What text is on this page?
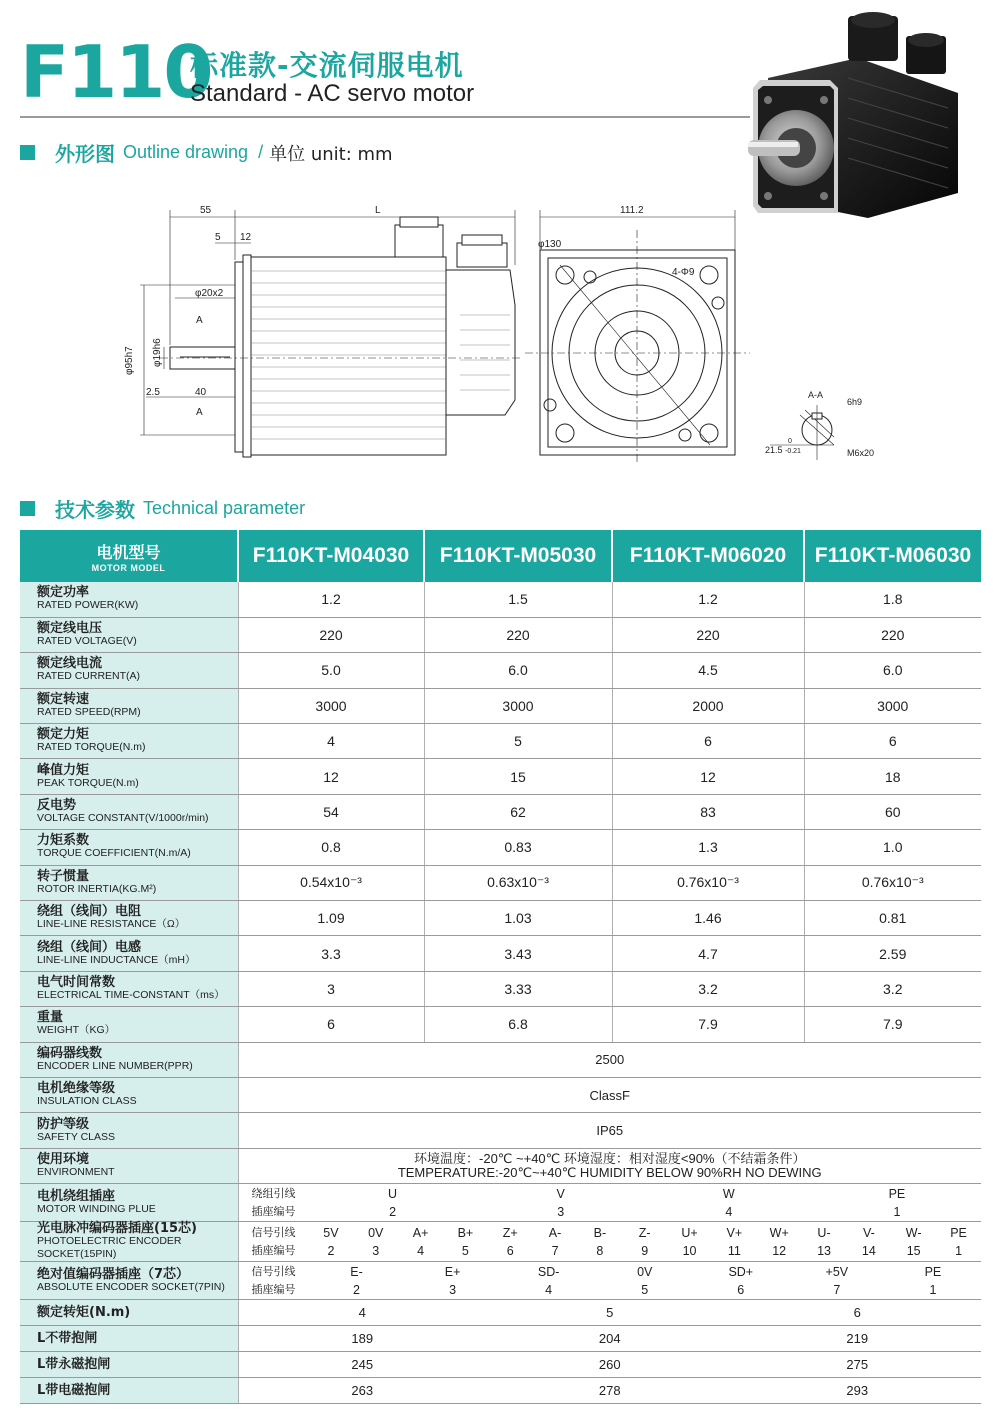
F110
标准款-交流伺服电机
Standard - AC servo motor
外形图 Outline drawing / 单位 unit: mm
55	L
5 12
φ20x2
A
A
φ95h7 φ19h6
2.5	40
111.2
φ130
4-Φ9
A-A
6h9
21.5
0
-0.21	M6x20
技术参数 Technical parameter
电机型号
MOTOR MODEL
	F110KT-M04030	F110KT-M05030	F110KT-M06020	F110KT-M06030

额定功率
RATED POWER(KW)	1.2	1.5	1.2	1.8

额定线电压
RATED VOLTAGE(V)	220	220	220	220

额定线电流
RATED CURRENT(A)	5.0	6.0	4.5	6.0

额定转速
RATED SPEED(RPM)	3000	3000	2000	3000

额定力矩
RATED TORQUE(N.m)	4	5	6	6

峰值力矩
PEAK TORQUE(N.m)	12	15	12	18

反电势
VOLTAGE CONSTANT(V/1000r/min)	54	62	83	60

力矩系数
TORQUE COEFFICIENT(N.m/A)	0.8	0.83	1.3	1.0

转子惯量
ROTOR INERTIA(KG.M²)	0.54x10⁻³	0.63x10⁻³	0.76x10⁻³	0.76x10⁻³

绕组（线间）电阻
LINE-LINE RESISTANCE（Ω）	1.09	1.03	1.46	0.81

绕组（线间）电感
LINE-LINE INDUCTANCE（mH）	3.3	3.43	4.7	2.59

电气时间常数
ELECTRICAL TIME-CONSTANT（ms）	3	3.33	3.2	3.2

重量
WEIGHT（KG）	6	6.8	7.9	7.9

编码器线数
ENCODER LINE NUMBER(PPR)	2500

电机绝缘等级
INSULATION CLASS	ClassF

防护等级
SAFETY CLASS	IP65

使用环境
ENVIRONMENT

环境温度：-20℃ ~+40℃ 环境湿度：相对湿度<90%（不结霜条件）
TEMPERATURE:-20℃~+40℃ HUMIDITY BELOW 90%RH NO DEWING

电机绕组插座
MOTOR WINDING PLUE

绕组引线	U	V	W	PE
插座编号	2	3	4	1

光电脉冲编码器插座(15芯)
PHOTOELECTRIC ENCODER SOCKET(15PIN)

信号引线	5V	0V	A+	B+	Z+	A-	B-	Z-	U+	V+	W+	U-	V-	W-	PE
插座编号	2	3	4	5	6	7	8	9	10	11	12	13	14	15	1

绝对值编码器插座（7芯）
ABSOLUTE ENCODER SOCKET(7PIN)

信号引线	E-	E+	SD-	0V	SD+	+5V	PE
插座编号	2	3	4	5	6	7	1

额定转矩(N.m)
		4	5	6

L不带抱闸
		189	204	219

L带永磁抱闸
		245	260	275

L带电磁抱闸
		263	278	293
